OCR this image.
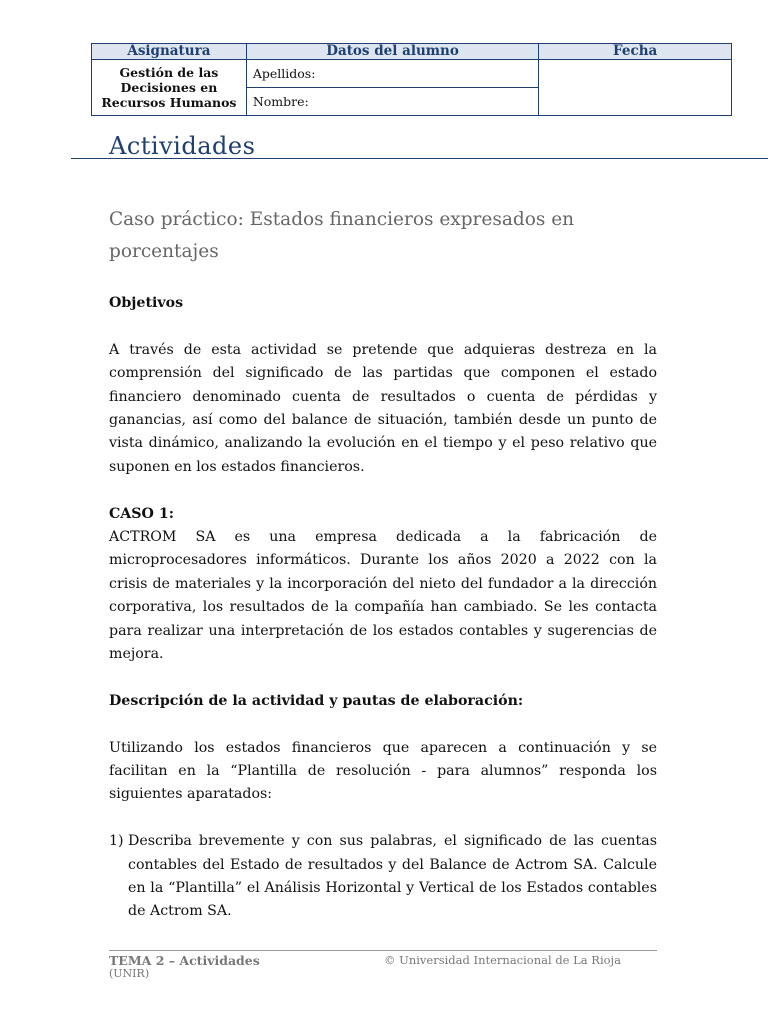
Asignatura	Datos del alumno	Fecha
Gestión de las Decisiones en Recursos Humanos	Apellidos:	
	Nombre:	
Actividades
Caso práctico: Estados financieros expresados en porcentajes

Objetivos

A través de esta actividad se pretende que adquieras destreza en la comprensión del significado de las partidas que componen el estado financiero denominado cuenta de resultados o cuenta de pérdidas y ganancias, así como del balance de situación, también desde un punto de vista dinámico, analizando la evolución en el tiempo y el peso relativo que suponen en los estados financieros.

CASO 1:

ACTROM SA es una empresa dedicada a la fabricación de microprocesadores informáticos. Durante los años 2020 a 2022 con la crisis de materiales y la incorporación del nieto del fundador a la dirección corporativa, los resultados de la compañía han cambiado. Se les contacta para realizar una interpretación de los estados contables y sugerencias de mejora.

Descripción de la actividad y pautas de elaboración:

Utilizando los estados financieros que aparecen a continuación y se facilitan en la “Plantilla de resolución - para alumnos” responda los siguientes aparatados:

1) Describa brevemente y con sus palabras, el significado de las cuentas contables del Estado de resultados y del Balance de Actrom SA. Calcule en la “Plantilla” el Análisis Horizontal y Vertical de los Estados contables de Actrom SA.
TEMA 2 – Actividades
(UNIR)
© Universidad Internacional de La Rioja
